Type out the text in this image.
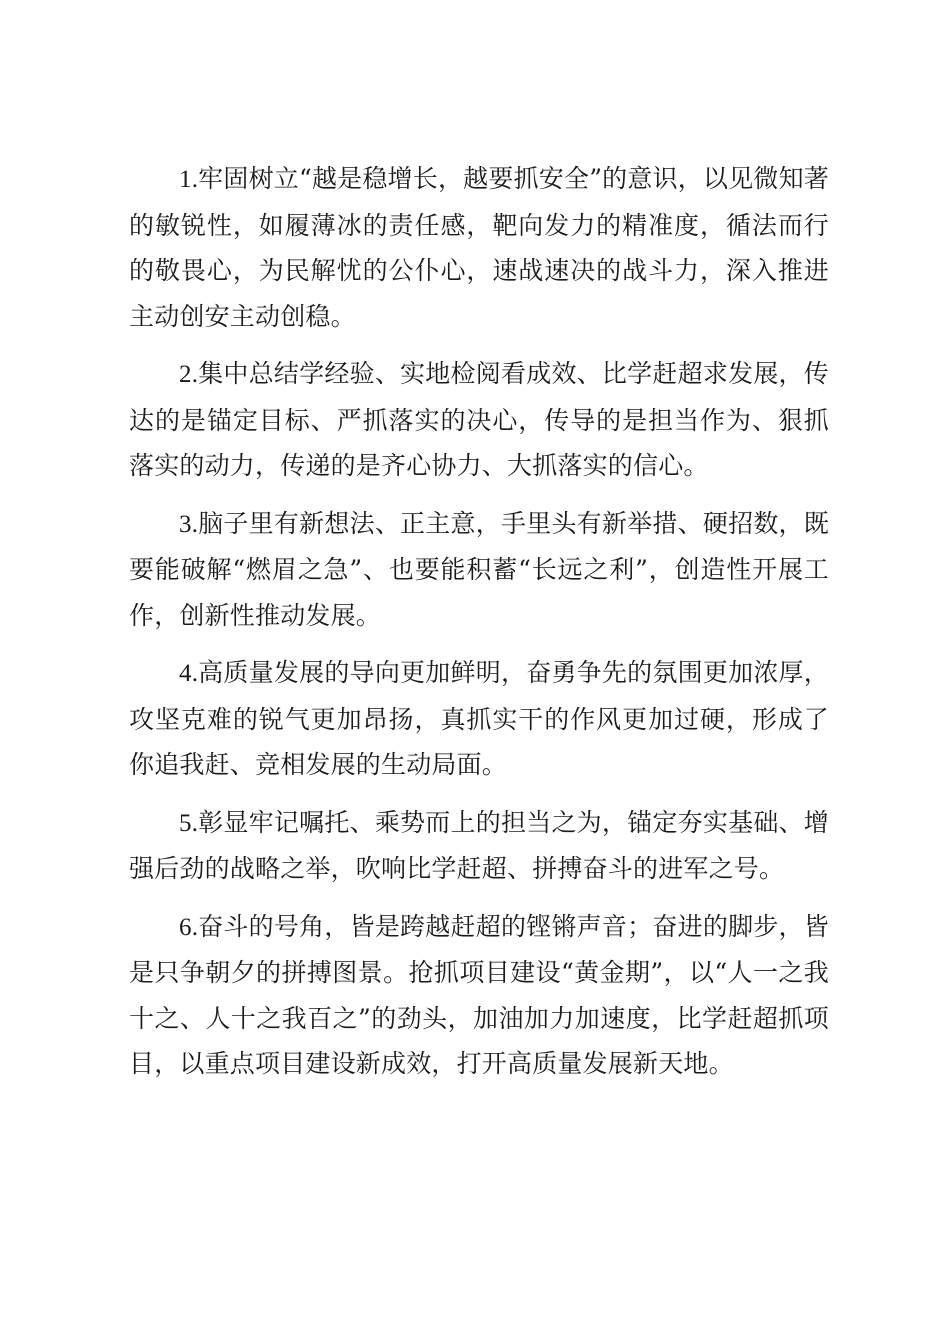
1.牢固树立“越是稳增长，越要抓安全”的意识，以见微知著的敏锐性，如履薄冰的责任感，靶向发力的精准度，循法而行的敬畏心，为民解忧的公仆心，速战速决的战斗力，深入推进主动创安主动创稳。

2.集中总结学经验、实地检阅看成效、比学赶超求发展，传达的是锚定目标、严抓落实的决心，传导的是担当作为、狠抓落实的动力，传递的是齐心协力、大抓落实的信心。

3.脑子里有新想法、正主意，手里头有新举措、硬招数，既要能破解“燃眉之急”、也要能积蓄“长远之利”，创造性开展工作，创新性推动发展。

4.高质量发展的导向更加鲜明，奋勇争先的氛围更加浓厚，攻坚克难的锐气更加昂扬，真抓实干的作风更加过硬，形成了你追我赶、竞相发展的生动局面。

5.彰显牢记嘱托、乘势而上的担当之为，锚定夯实基础、增强后劲的战略之举，吹响比学赶超、拼搏奋斗的进军之号。

6.奋斗的号角，皆是跨越赶超的铿锵声音；奋进的脚步，皆是只争朝夕的拼搏图景。抢抓项目建设“黄金期”，以“人一之我十之、人十之我百之”的劲头，加油加力加速度，比学赶超抓项目，以重点项目建设新成效，打开高质量发展新天地。
